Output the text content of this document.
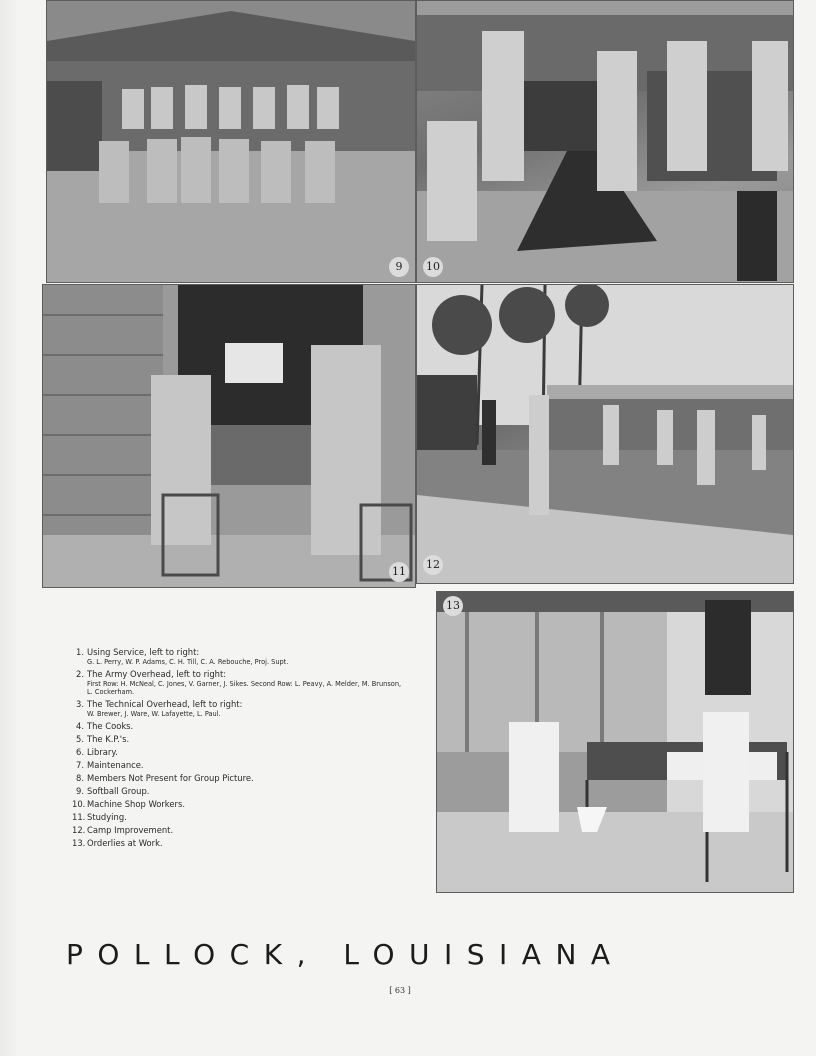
9	10
11
12
1. Using Service, left to right:
G. L. Perry, W. P. Adams, C. H. Till, C. A. Rebouche, Proj. Supt.
2. The Army Overhead, left to right:
First Row: H. McNeal, C. Jones, V. Garner, J. Sikes. Second Row: L. Peavy, A. Melder, M. Brunson, L. Cockerham.
3. The Technical Overhead, left to right:
W. Brewer, J. Ware, W. Lafayette, L. Paul.
4. The Cooks.
5. The K.P.'s.
6. Library.
7. Maintenance.
8. Members Not Present for Group Picture.
9. Softball Group.
10. Machine Shop Workers.
11. Studying.
12. Camp Improvement.
13. Orderlies at Work.
13
POLLOCK, LOUISIANA
[ 63 ]
